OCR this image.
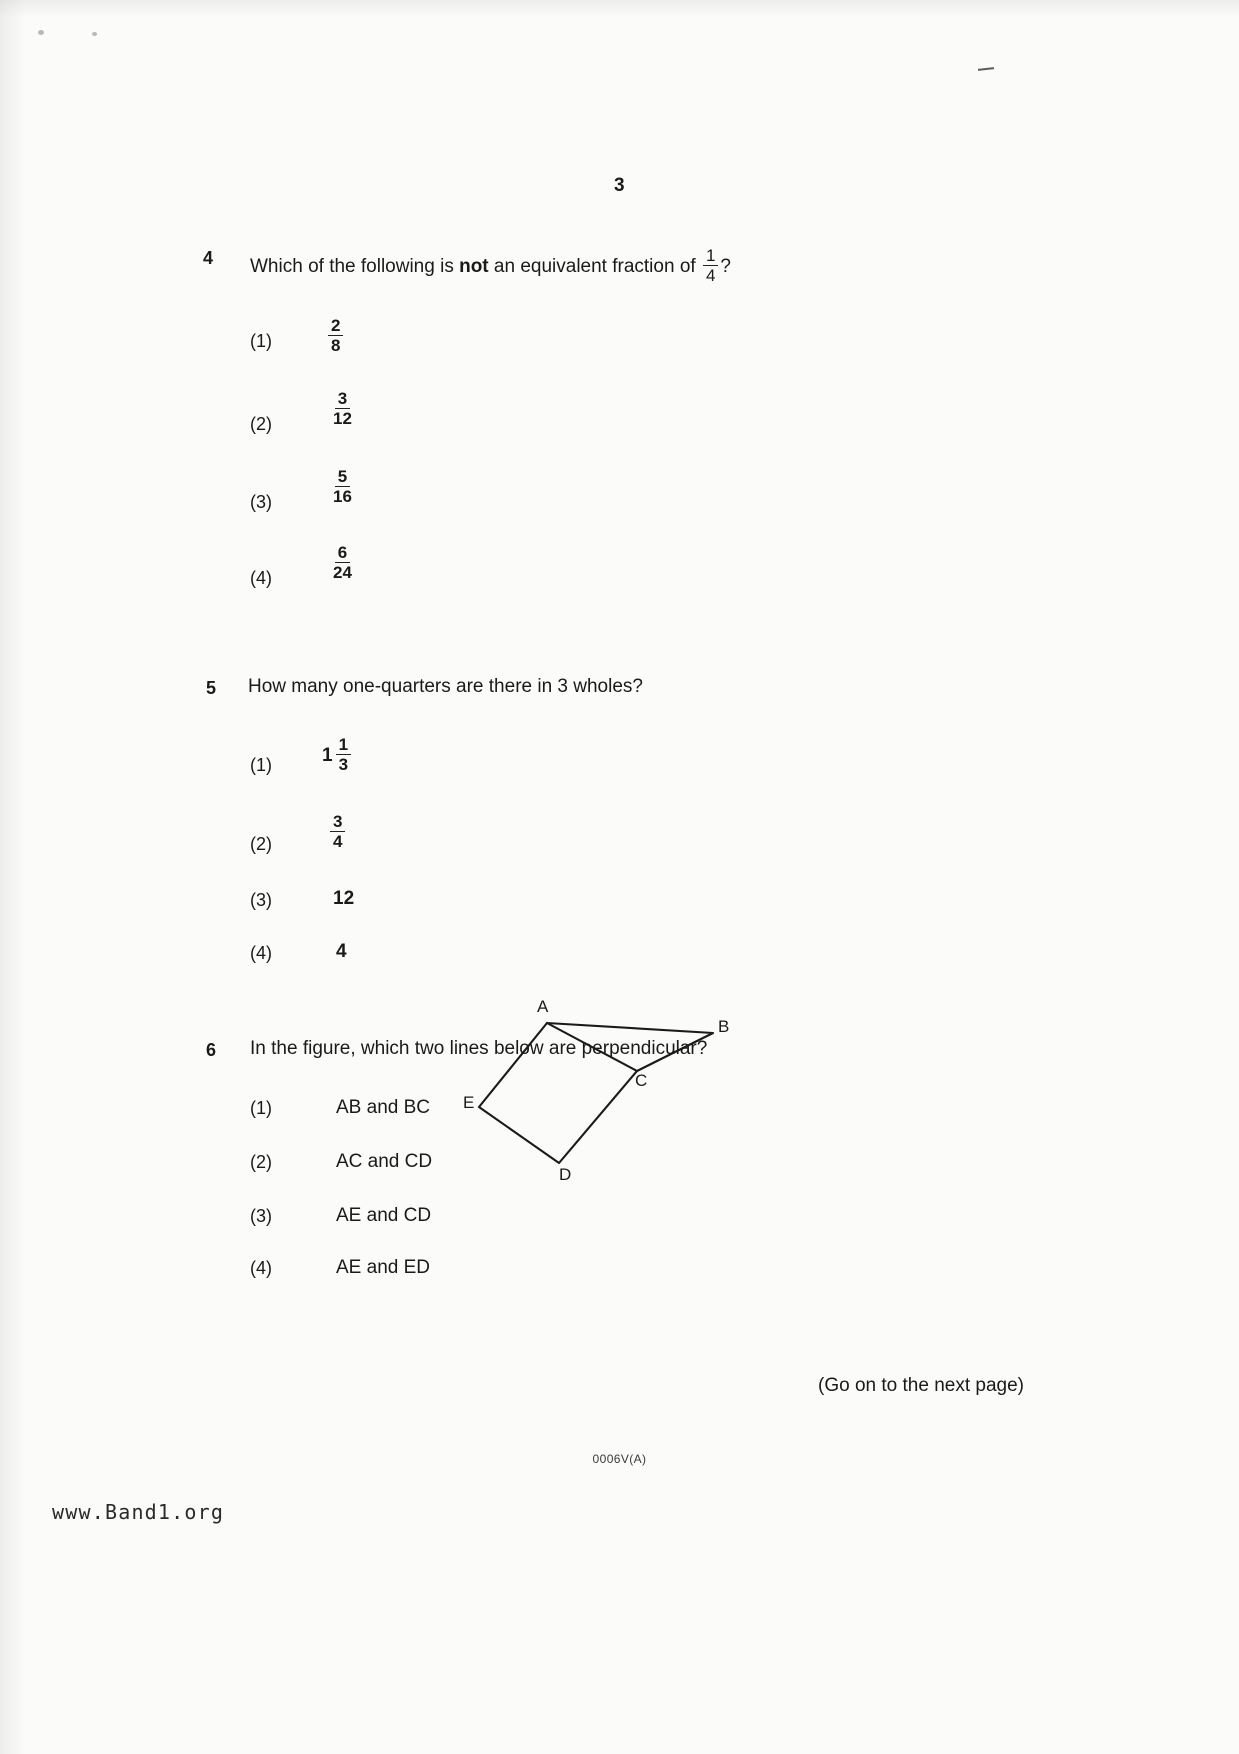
3
4 Which of the following is not an equivalent fraction of $\frac{1}{4}$ ?
(1)	$\frac{2}{8}$
(2)	$\frac{3}{12}$
(3)	$\frac{5}{16}$
(4)	$\frac{6}{24}$
5 How many one-quarters are there in 3 wholes?
(1)	$1 \frac{1}{3}$
(2)	$\frac{3}{4}$
(3)	12
(4)	4
6 In the figure, which two lines below are perpendicular?
(1)	AB and BC
(2)	AC and CD
(3)	AE and CD
(4)	AE and ED
A
B
C
D
E
(Go on to the next page)
0006V(A)
www.Band1.org
